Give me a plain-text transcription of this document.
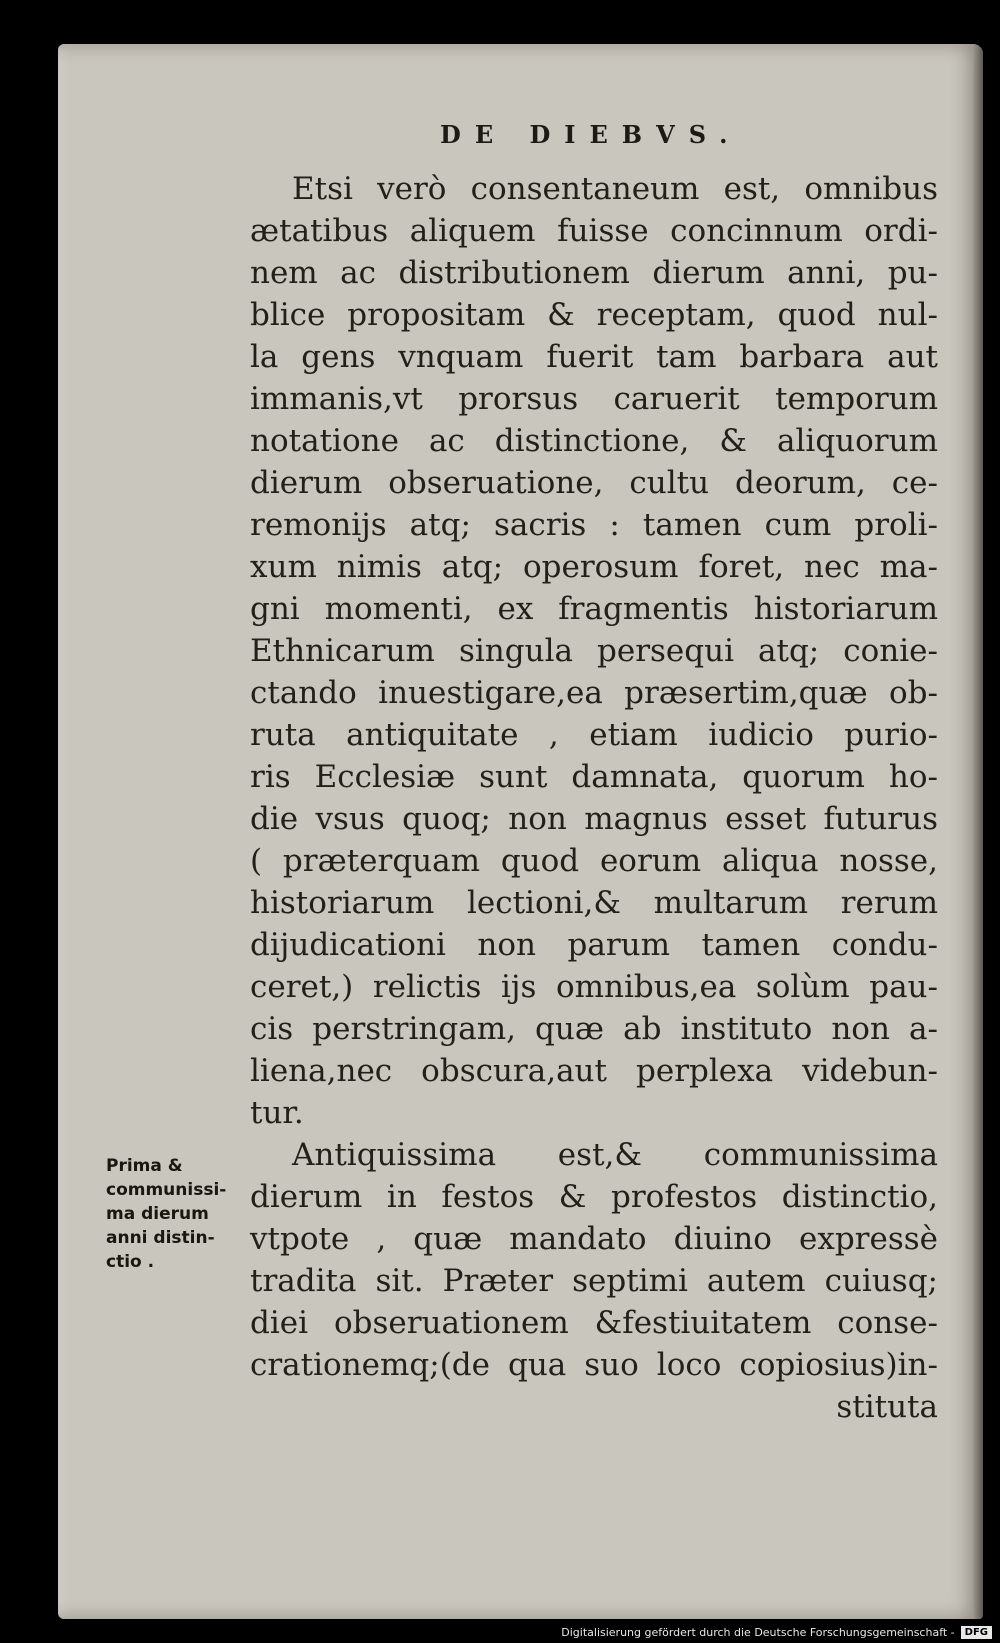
DE DIEBVS.
Etsi verò consentaneum est, omnibus
ætatibus aliquem fuisse concinnum ordi-
nem ac distributionem dierum anni, pu-
blice propositam & receptam, quod nul-
la gens vnquam fuerit tam barbara aut
immanis,vt prorsus caruerit temporum
notatione ac distinctione, & aliquorum
dierum obseruatione, cultu deorum, ce-
remonijs atq; sacris : tamen cum proli-
xum nimis atq; operosum foret, nec ma-
gni momenti, ex fragmentis historiarum
Ethnicarum singula persequi atq; conie-
ctando inuestigare,ea præsertim,quæ ob-
ruta antiquitate , etiam iudicio purio-
ris Ecclesiæ sunt damnata, quorum ho-
die vsus quoq; non magnus esset futurus
( præterquam quod eorum aliqua nosse,
historiarum lectioni,& multarum rerum
dijudicationi non parum tamen condu-
ceret,) relictis ijs omnibus,ea solùm pau-
cis perstringam, quæ ab instituto non a-
liena,nec obscura,aut perplexa videbun-
tur.
Antiquissima est,& communissima
dierum in festos & profestos distinctio,
vtpote , quæ mandato diuino expressè
tradita sit. Præter septimi autem cuiusq;
diei obseruationem &festiuitatem conse-
crationemq;(de qua suo loco copiosius)in-
stituta
Prima &
communissi-
ma dierum
anni distin-
ctio .
Digitalisierung gefördert durch die Deutsche Forschungsgemeinschaft -	DFG
